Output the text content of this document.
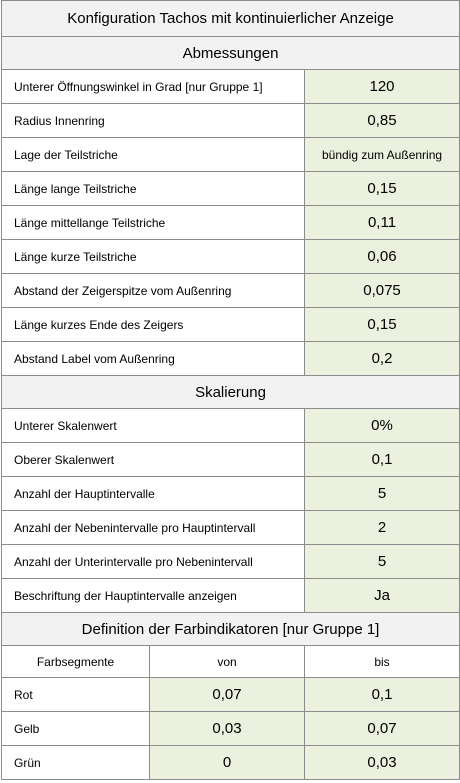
Konfiguration Tachos mit kontinuierlicher Anzeige		
Abmessungen		
Unterer Öffnungswinkel in Grad [nur Gruppe 1]		120
Radius Innenring		0,85
Lage der Teilstriche		bündig zum Außenring
Länge lange Teilstriche		0,15
Länge mittellange Teilstriche		0,11
Länge kurze Teilstriche		0,06
Abstand der Zeigerspitze vom Außenring		0,075
Länge kurzes Ende des Zeigers		0,15
Abstand Label vom Außenring		0,2
Skalierung		
Unterer Skalenwert		0%
Oberer Skalenwert		0,1
Anzahl der Hauptintervalle		5
Anzahl der Nebenintervalle pro Hauptintervall		2
Anzahl der Unterintervalle pro Nebenintervall		5
Beschriftung der Hauptintervalle anzeigen		Ja
Definition der Farbindikatoren [nur Gruppe 1]		
Farbsegmente	von	bis
Rot	0,07	0,1
Gelb	0,03	0,07
Grün	0	0,03
